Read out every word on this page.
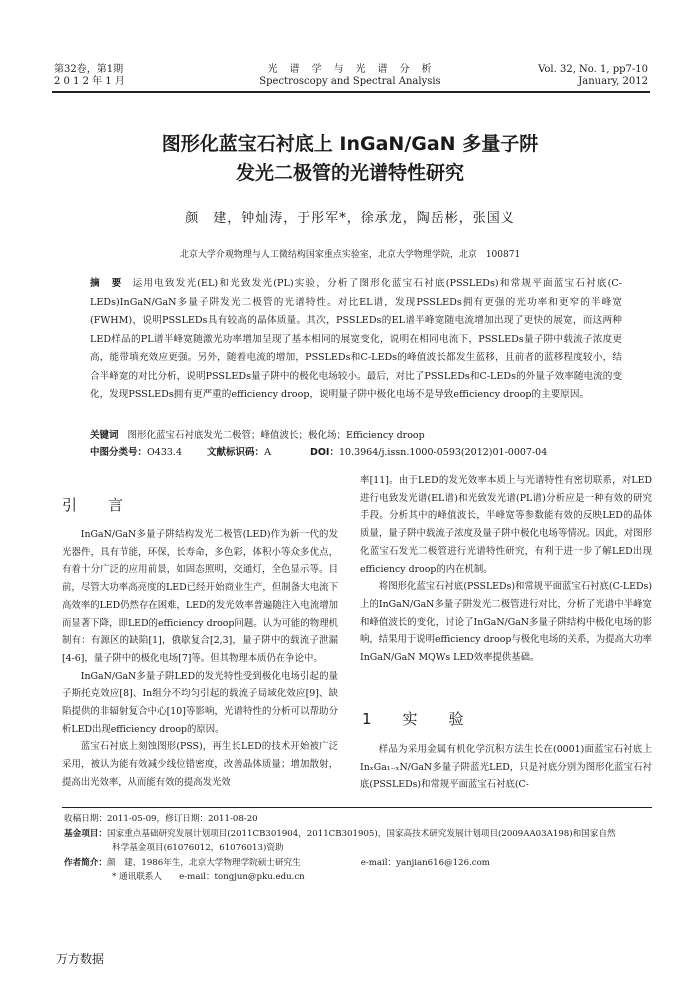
第32卷，第1期
2 0 1 2 年 1 月
光　谱　学　与　光　谱　分　析
Spectroscopy and Spectral Analysis
Vol. 32, No. 1, pp7-10
January, 2012
图形化蓝宝石衬底上 InGaN/GaN 多量子阱
发光二极管的光谱特性研究
颜　建，钟灿涛，于彤军*，徐承龙，陶岳彬，张国义
北京大学介观物理与人工微结构国家重点实验室，北京大学物理学院，北京　100871
摘　要 运用电致发光(EL)和光致发光(PL)实验，分析了图形化蓝宝石衬底(PSSLEDs)和常规平面蓝宝石衬底(C-LEDs)InGaN/GaN多量子阱发光二极管的光谱特性。对比EL谱，发现PSSLEDs拥有更强的光功率和更窄的半峰宽(FWHM)，说明PSSLEDs具有较高的晶体质量。其次，PSSLEDs的EL谱半峰宽随电流增加出现了更快的展宽，而这两种LED样品的PL谱半峰宽随激光功率增加呈现了基本相同的展宽变化，说明在相同电流下，PSSLEDs量子阱中载流子浓度更高，能带填充效应更强。另外，随着电流的增加，PSSLEDs和C-LEDs的峰值波长都发生蓝移，且前者的蓝移程度较小，结合半峰宽的对比分析，说明PSSLEDs量子阱中的极化电场较小。最后，对比了PSSLEDs和C-LEDs的外量子效率随电流的变化，发现PSSLEDs拥有更严重的efficiency droop，说明量子阱中极化电场不是导致efficiency droop的主要原因。
关键词 图形化蓝宝石衬底发光二极管；峰值波长；极化场；Efficiency droop
中图分类号：O433.4	文献标识码：A	DOI：10.3964/j.issn.1000-0593(2012)01-0007-04
引　言

InGaN/GaN多量子阱结构发光二极管(LED)作为新一代的发光器件，具有节能，环保，长寿命，多色彩，体积小等众多优点，有着十分广泛的应用前景，如固态照明，交通灯，全色显示等。目前，尽管大功率高亮度的LED已经开始商业生产，但制备大电流下高效率的LED仍然存在困难，LED的发光效率普遍随注入电流增加而显著下降，即LED的efficiency droop问题。认为可能的物理机制有：有源区的缺陷[1]，俄歇复合[2,3]，量子阱中的载流子泄漏[4-6]，量子阱中的极化电场[7]等。但其物理本质仍在争论中。

InGaN/GaN多量子阱LED的发光特性受到极化电场引起的量子斯托克效应[8]、In组分不均匀引起的载流子局域化效应[9]、缺陷提供的非辐射复合中心[10]等影响，光谱特性的分析可以帮助分析LED出现efficiency droop的原因。

蓝宝石衬底上刻蚀图形(PSS)，再生长LED的技术开始被广泛采用，被认为能有效减少线位错密度，改善晶体质量；增加散射，提高出光效率，从而能有效的提高发光效

率[11]。由于LED的发光效率本质上与光谱特性有密切联系，对LED进行电致发光谱(EL谱)和光致发光谱(PL谱)分析应是一种有效的研究手段。分析其中的峰值波长，半峰宽等参数能有效的反映LED的晶体质量，量子阱中载流子浓度及量子阱中极化电场等情况。因此，对图形化蓝宝石发光二极管进行光谱特性研究，有利于进一步了解LED出现efficiency droop的内在机制。

将图形化蓝宝石衬底(PSSLEDs)和常规平面蓝宝石衬底(C-LEDs)上的InGaN/GaN多量子阱发光二极管进行对比，分析了光谱中半峰宽和峰值波长的变化，讨论了InGaN/GaN多量子阱结构中极化电场的影响，结果用于说明efficiency droop与极化电场的关系，为提高大功率InGaN/GaN MQWs LED效率提供基础。

1　实　验

样品为采用金属有机化学沉积方法生长在(0001)面蓝宝石衬底上InₓGa₁₋ₓN/GaN多量子阱蓝光LED，只是衬底分别为图形化蓝宝石衬底(PSSLEDs)和常规平面蓝宝石衬底(C-

收稿日期：2011-05-09，修订日期：2011-08-20
基金项目：国家重点基础研究发展计划项目(2011CB301904，2011CB301905)，国家高技术研究发展计划项目(2009AA03A198)和国家自然
科学基金项目(61076012，61076013)资助
作者简介：颜　建，1986年生，北京大学物理学院硕士研究生	e-mail：yanjian616@126.com
* 通讯联系人　　e-mail：tongjun@pku.edu.cn
万方数据
